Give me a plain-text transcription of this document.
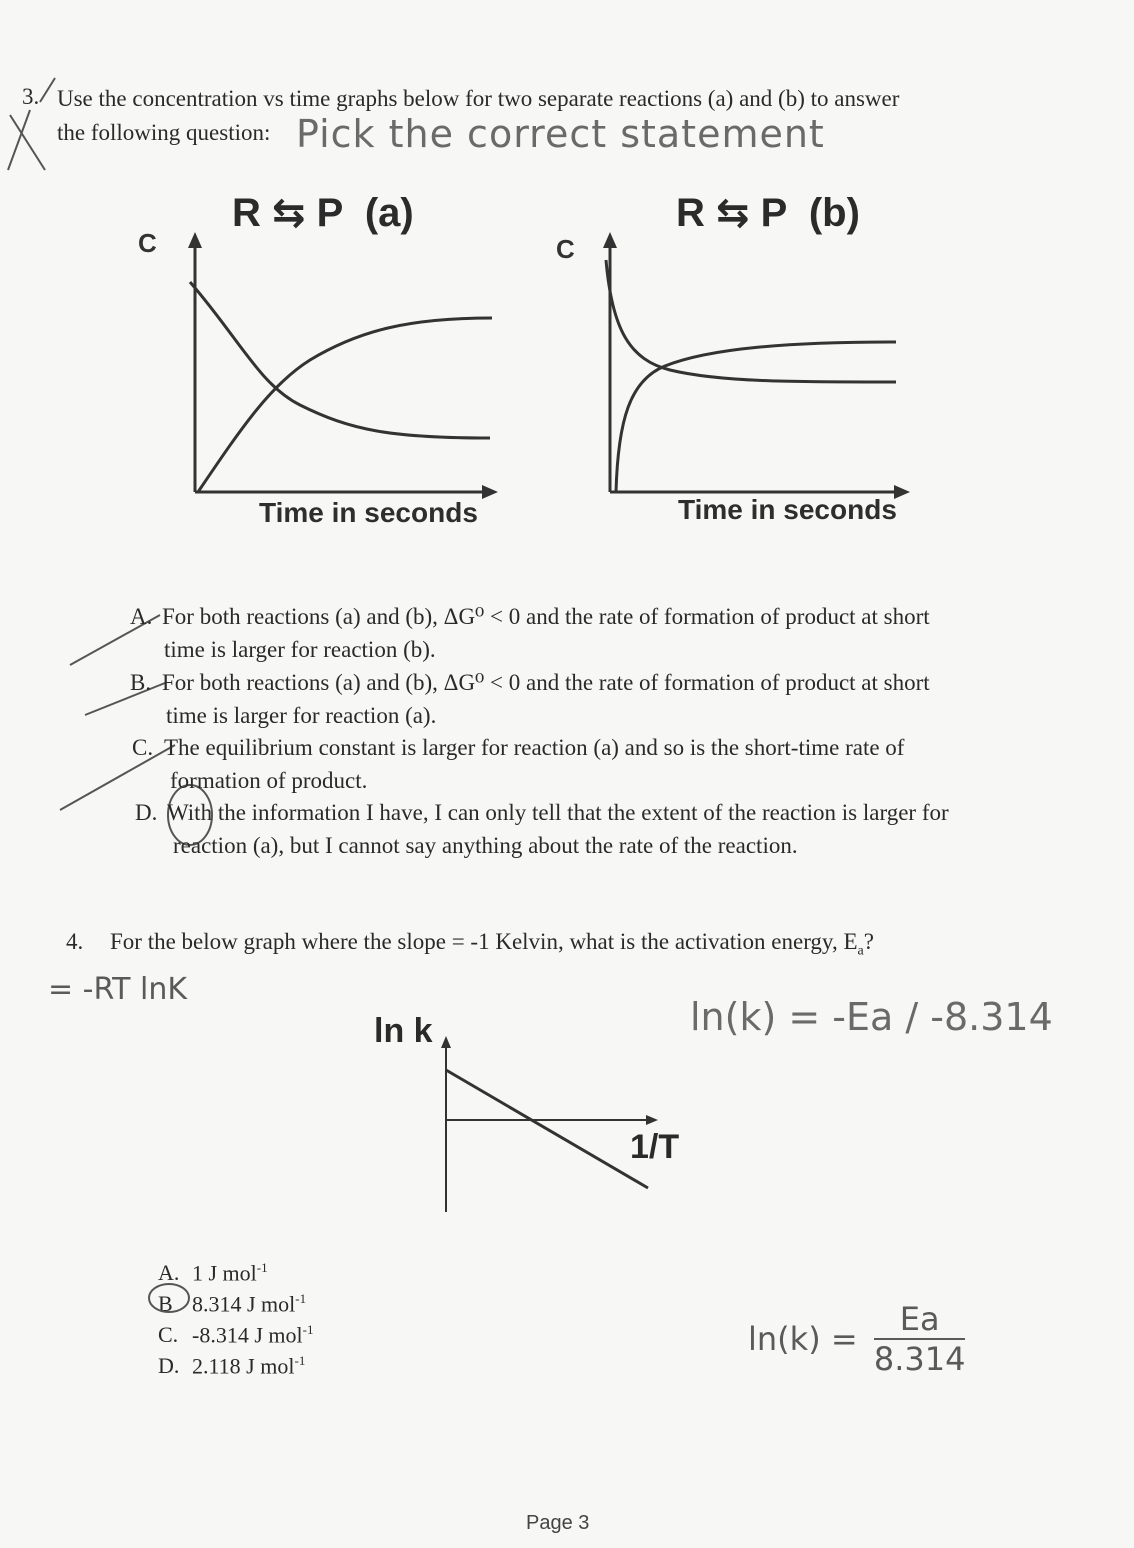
3. Use the concentration vs time graphs below for two separate reactions (a) and (b) to answer
the following question: Pick the correct statement
R ⇆ P  (a)
C
Time in seconds
R ⇆ P  (b)
C
Time in seconds
A. For both reactions (a) and (b), ΔG⁰ < 0 and the rate of formation of product at short
time is larger for reaction (b).
B. For both reactions (a) and (b), ΔG⁰ < 0 and the rate of formation of product at short
time is larger for reaction (a).
C. The equilibrium constant is larger for reaction (a) and so is the short-time rate of
formation of product.
D. With the information I have, I can only tell that the extent of the reaction is larger for
reaction (a), but I cannot say anything about the rate of the reaction.
4. For the below graph where the slope = -1 Kelvin, what is the activation energy, $E_a$?
= -RT lnK
ln(k) = -Ea / -8.314
ln k
1/T
A. 1 J mol$^{-1}$
B 8.314 J mol$^{-1}$
C. -8.314 J mol$^{-1}$
D. 2.118 J mol$^{-1}$
$\ln(k) = \frac{Ea}{8.314}$
Page 3
